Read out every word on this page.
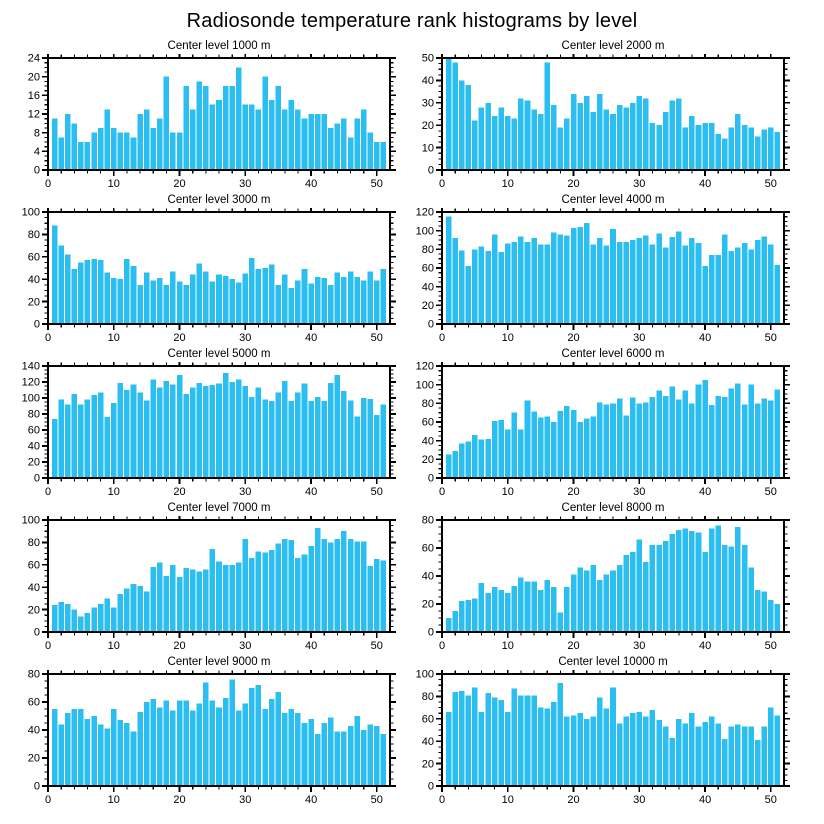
Radiosonde temperature rank histograms by level
Center level 1000 m
0	10	20	30	40	50
0
4
8
12
16
20
24
Center level 2000 m
0	10	20	30	40	50
0
10
20
30
40
50
Center level 3000 m
0	10	20	30	40	50
0
20
40
60
80
100
Center level 4000 m
0	10	20	30	40	50
0
20
40
60
80
100
120
Center level 5000 m
0	10	20	30	40	50
0
20
40
60
80
100
120
140
Center level 6000 m
0	10	20	30	40	50
0
20
40
60
80
100
120
Center level 7000 m
0	10	20	30	40	50
0
20
40
60
80
100
Center level 8000 m
0	10	20	30	40	50
0
20
40
60
80
Center level 9000 m
0	10	20	30	40	50
0
20
40
60
80
Center level 10000 m
0	10	20	30	40	50
0
20
40
60
80
100
